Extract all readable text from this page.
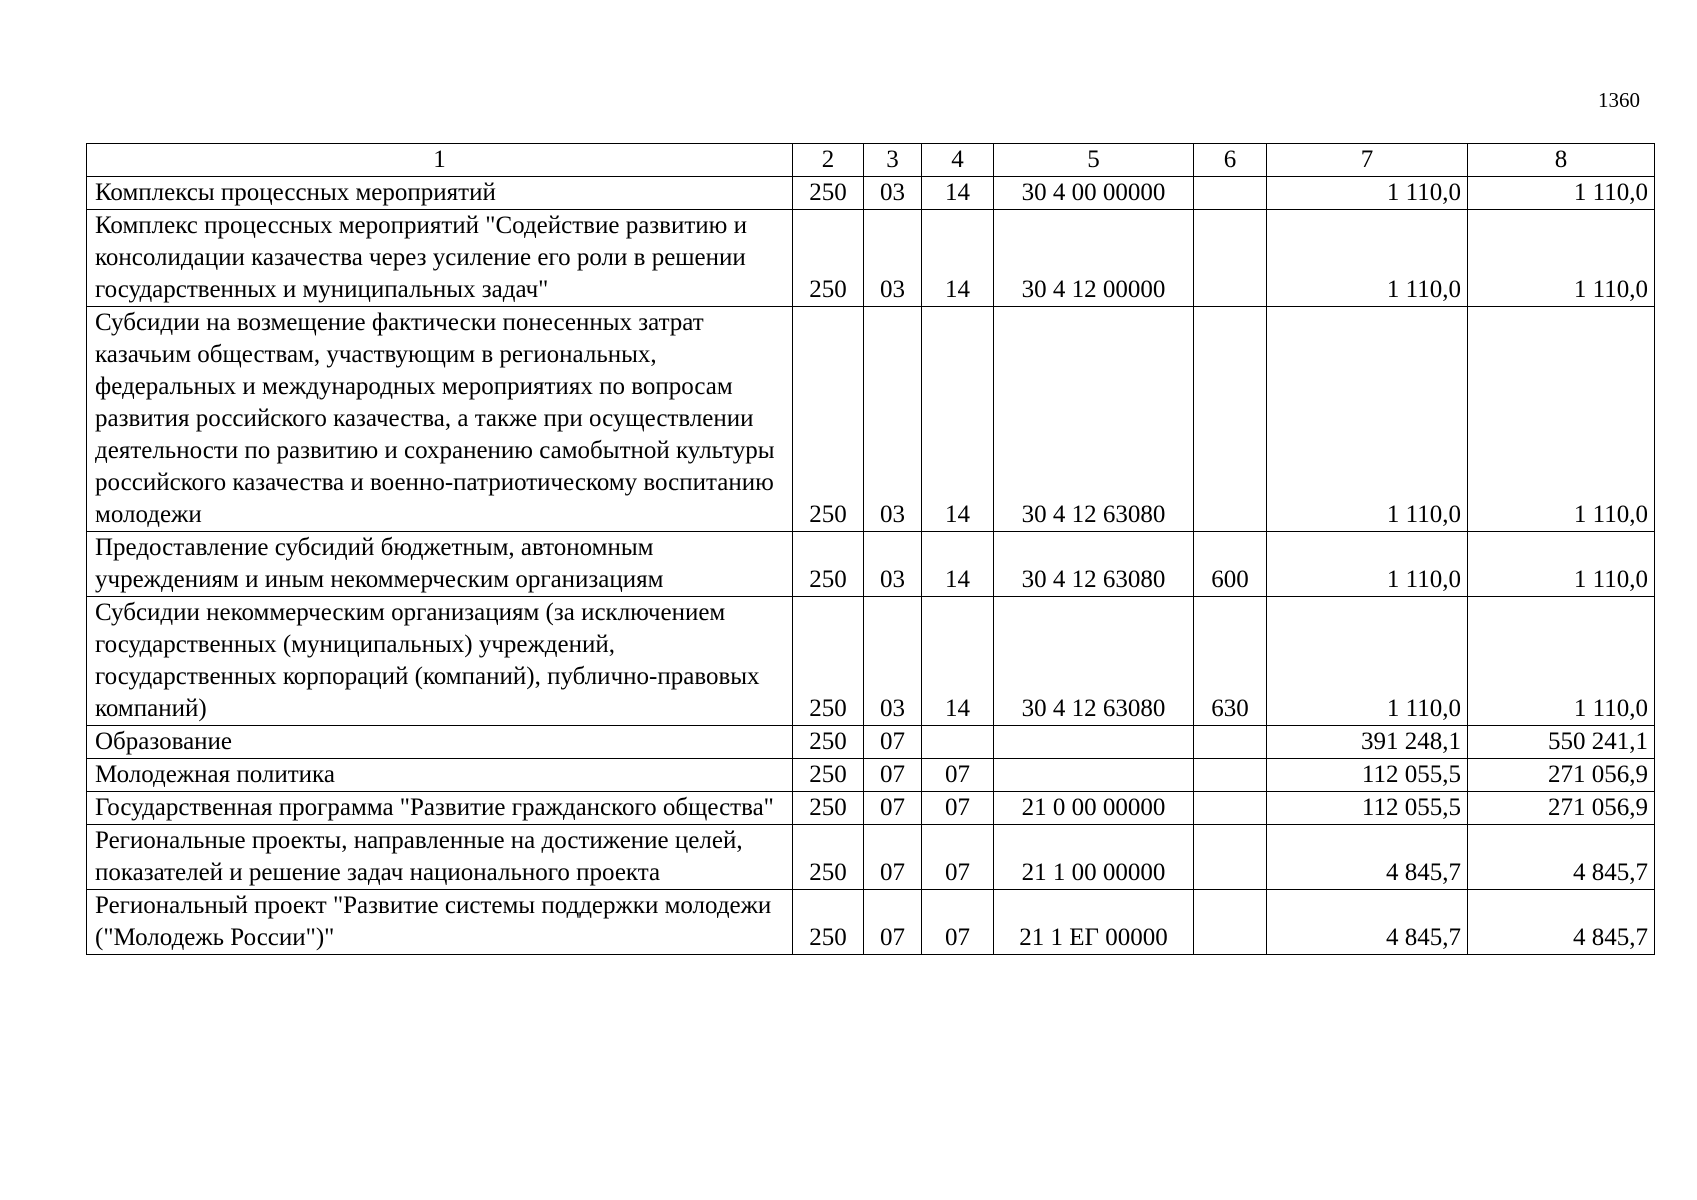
1360
1	2	3	4	5	6	7	8
Комплексы процессных мероприятий	250	03	14	30 4 00 00000		1 110,0	1 110,0
Комплекс процессных мероприятий "Содействие развитию и консолидации казачества через усиление его роли в решении государственных и муниципальных задач"	250	03	14	30 4 12 00000		1 110,0	1 110,0
Субсидии на возмещение фактически понесенных затрат казачьим обществам, участвующим в региональных, федеральных и международных мероприятиях по вопросам развития российского казачества, а также при осуществлении деятельности по развитию и сохранению самобытной культуры российского казачества и военно-патриотическому воспитанию молодежи	250	03	14	30 4 12 63080		1 110,0	1 110,0
Предоставление субсидий бюджетным, автономным учреждениям и иным некоммерческим организациям	250	03	14	30 4 12 63080	600	1 110,0	1 110,0
Субсидии некоммерческим организациям (за исключением государственных (муниципальных) учреждений, государственных корпораций (компаний), публично-правовых компаний)	250	03	14	30 4 12 63080	630	1 110,0	1 110,0
Образование	250	07				391 248,1	550 241,1
Молодежная политика	250	07	07			112 055,5	271 056,9
Государственная программа "Развитие гражданского общества"	250	07	07	21 0 00 00000		112 055,5	271 056,9
Региональные проекты, направленные на достижение целей, показателей и решение задач национального проекта	250	07	07	21 1 00 00000		4 845,7	4 845,7
Региональный проект "Развитие системы поддержки молодежи ("Молодежь России")"	250	07	07	21 1 ЕГ 00000		4 845,7	4 845,7
